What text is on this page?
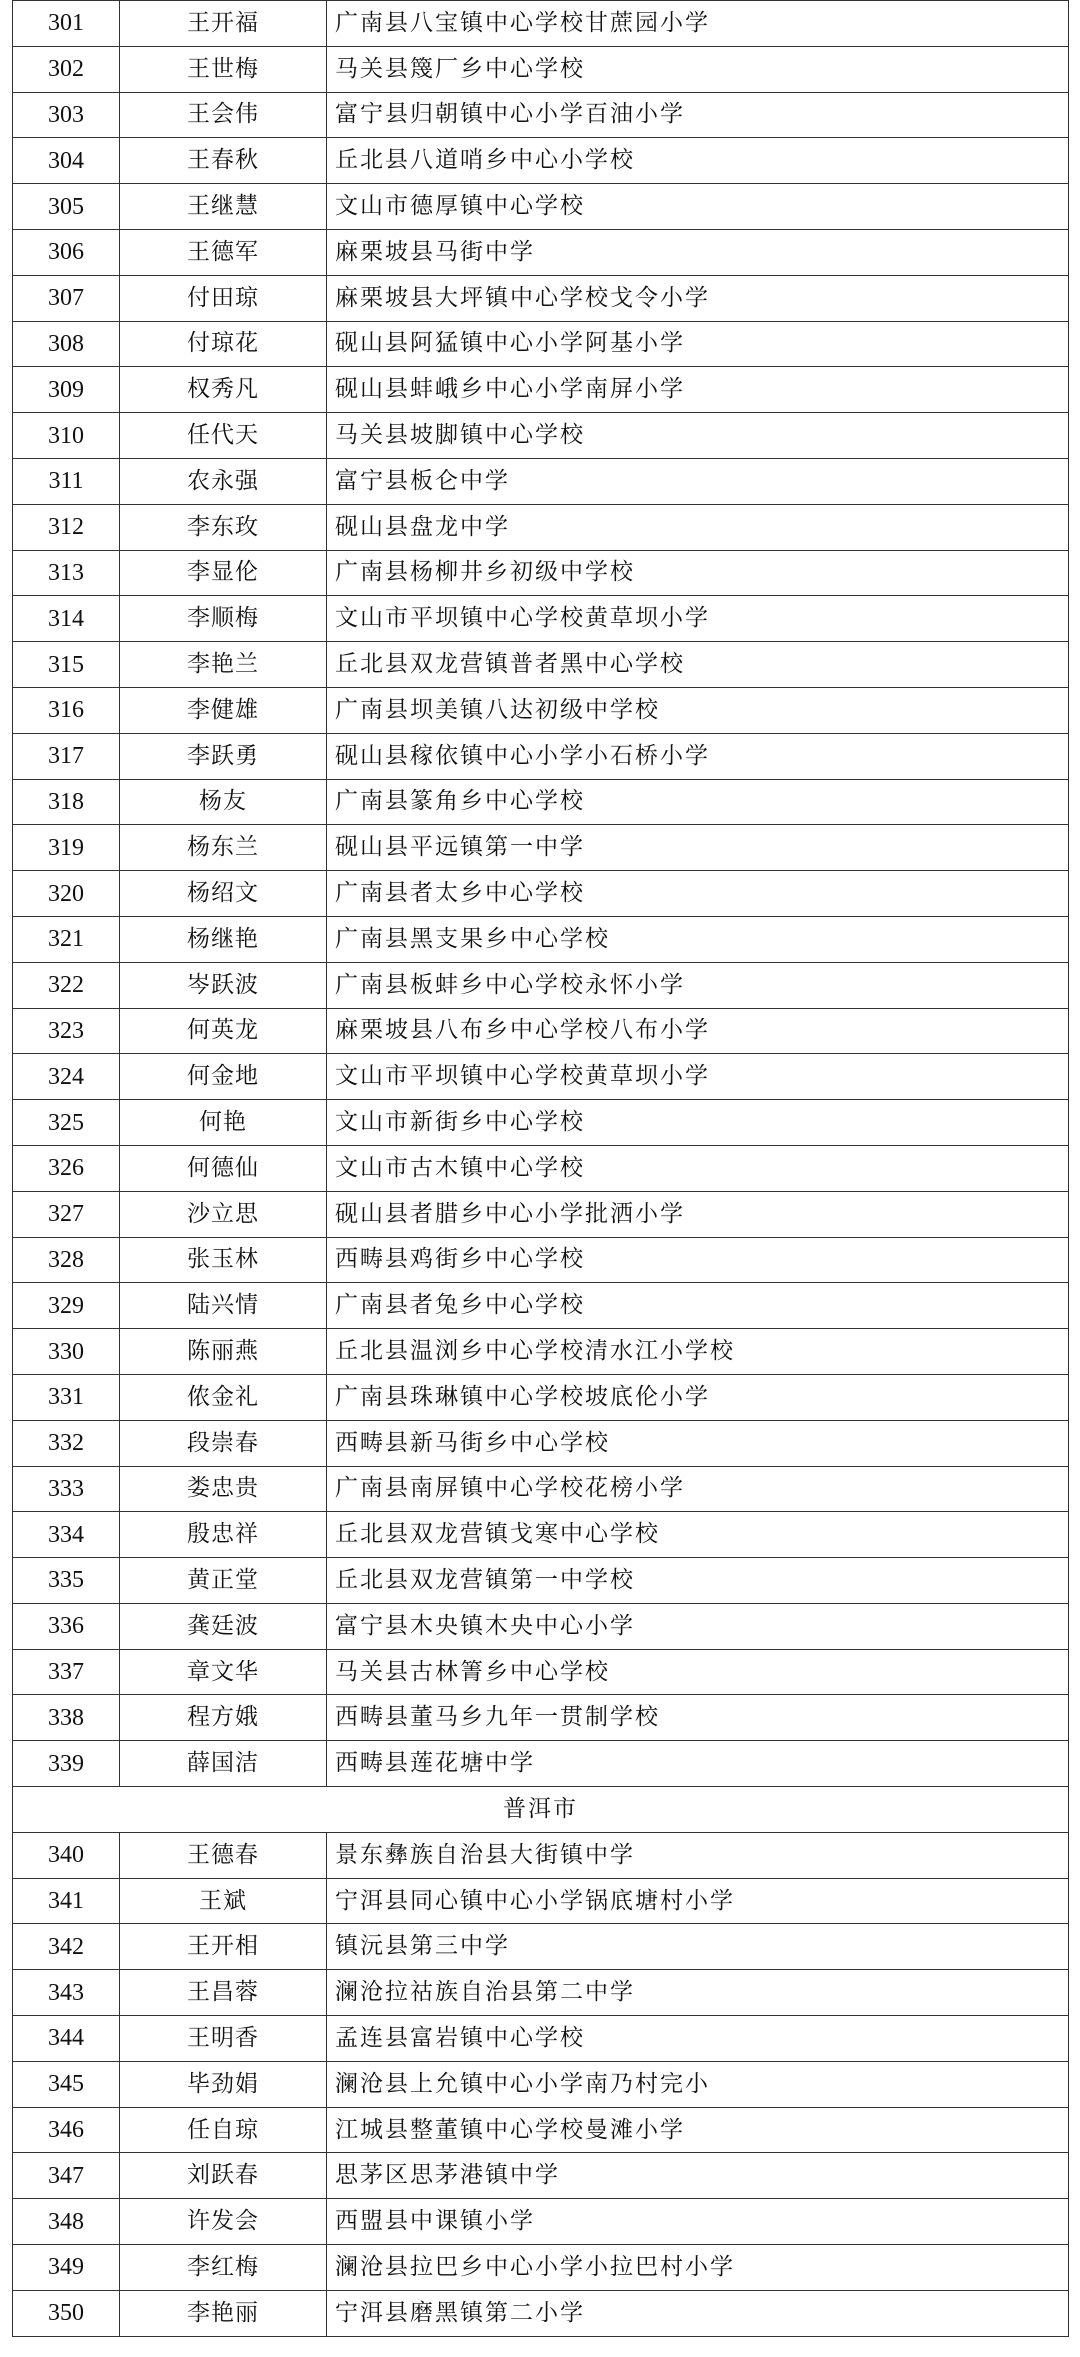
301	王开福	广南县八宝镇中心学校甘蔗园小学
302	王世梅	马关县篾厂乡中心学校
303	王会伟	富宁县归朝镇中心小学百油小学
304	王春秋	丘北县八道哨乡中心小学校
305	王继慧	文山市德厚镇中心学校
306	王德军	麻栗坡县马街中学
307	付田琼	麻栗坡县大坪镇中心学校戈令小学
308	付琼花	砚山县阿猛镇中心小学阿基小学
309	权秀凡	砚山县蚌峨乡中心小学南屏小学
310	任代天	马关县坡脚镇中心学校
311	农永强	富宁县板仑中学
312	李东玫	砚山县盘龙中学
313	李显伦	广南县杨柳井乡初级中学校
314	李顺梅	文山市平坝镇中心学校黄草坝小学
315	李艳兰	丘北县双龙营镇普者黑中心学校
316	李健雄	广南县坝美镇八达初级中学校
317	李跃勇	砚山县稼依镇中心小学小石桥小学
318	杨友	广南县篆角乡中心学校
319	杨东兰	砚山县平远镇第一中学
320	杨绍文	广南县者太乡中心学校
321	杨继艳	广南县黑支果乡中心学校
322	岑跃波	广南县板蚌乡中心学校永怀小学
323	何英龙	麻栗坡县八布乡中心学校八布小学
324	何金地	文山市平坝镇中心学校黄草坝小学
325	何艳	文山市新街乡中心学校
326	何德仙	文山市古木镇中心学校
327	沙立思	砚山县者腊乡中心小学批洒小学
328	张玉林	西畴县鸡街乡中心学校
329	陆兴情	广南县者兔乡中心学校
330	陈丽燕	丘北县温浏乡中心学校清水江小学校
331	侬金礼	广南县珠琳镇中心学校坡底伦小学
332	段崇春	西畴县新马街乡中心学校
333	娄忠贵	广南县南屏镇中心学校花榜小学
334	殷忠祥	丘北县双龙营镇戈寒中心学校
335	黄正堂	丘北县双龙营镇第一中学校
336	龚廷波	富宁县木央镇木央中心小学
337	章文华	马关县古林箐乡中心学校
338	程方娥	西畴县董马乡九年一贯制学校
339	薛国洁	西畴县莲花塘中学
普洱市		
340	王德春	景东彝族自治县大街镇中学
341	王斌	宁洱县同心镇中心小学锅底塘村小学
342	王开相	镇沅县第三中学
343	王昌蓉	澜沧拉祜族自治县第二中学
344	王明香	孟连县富岩镇中心学校
345	毕劲娟	澜沧县上允镇中心小学南乃村完小
346	任自琼	江城县整董镇中心学校曼滩小学
347	刘跃春	思茅区思茅港镇中学
348	许发会	西盟县中课镇小学
349	李红梅	澜沧县拉巴乡中心小学小拉巴村小学
350	李艳丽	宁洱县磨黑镇第二小学
